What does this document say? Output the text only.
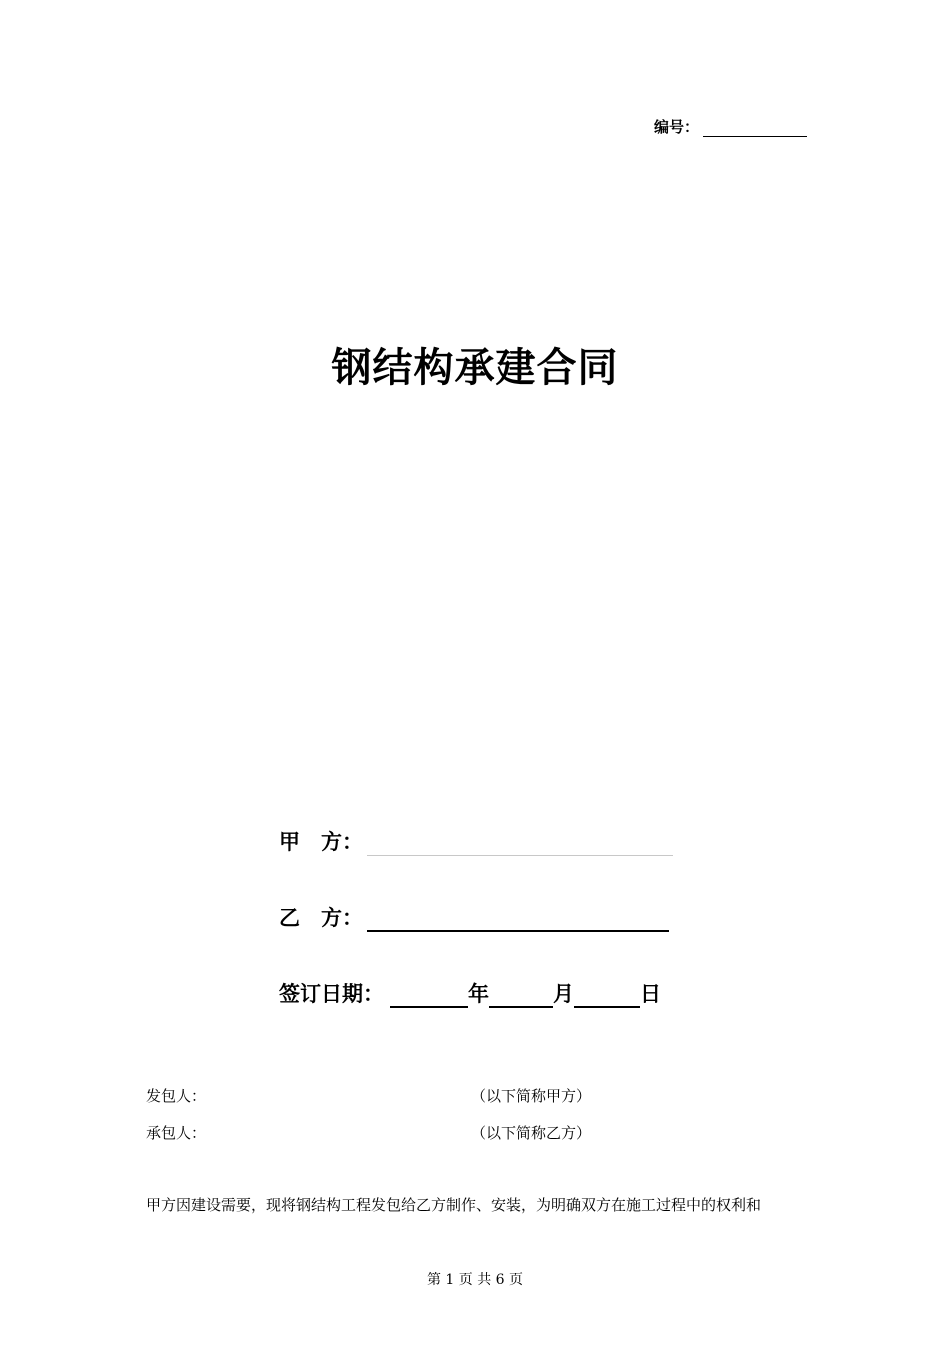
编号：
钢结构承建合同
甲　方：
乙　方：
签订日期：	年	月	日
发包人：	（以下简称甲方）
承包人：	（以下简称乙方）
甲方因建设需要，现将钢结构工程发包给乙方制作、安装，为明确双方在施工过程中的权利和
第 1 页 共 6 页
